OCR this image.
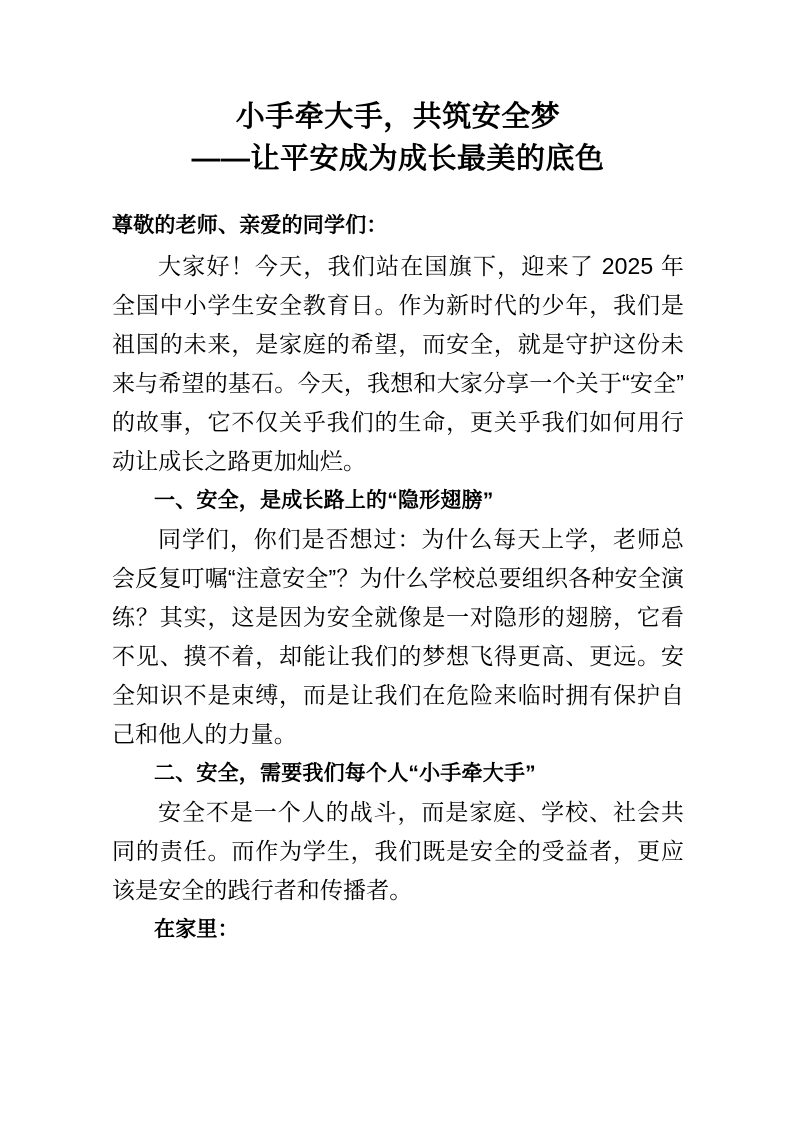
小手牵大手，共筑安全梦
——让平安成为成长最美的底色

尊敬的老师、亲爱的同学们：

大家好！今天，我们站在国旗下，迎来了 2025 年全国中小学生安全教育日。作为新时代的少年，我们是祖国的未来，是家庭的希望，而安全，就是守护这份未来与希望的基石。今天，我想和大家分享一个关于“安全”的故事，它不仅关乎我们的生命，更关乎我们如何用行动让成长之路更加灿烂。

一、安全，是成长路上的“隐形翅膀”

同学们，你们是否想过：为什么每天上学，老师总会反复叮嘱“注意安全”？为什么学校总要组织各种安全演练？其实，这是因为安全就像是一对隐形的翅膀，它看不见、摸不着，却能让我们的梦想飞得更高、更远。安全知识不是束缚，而是让我们在危险来临时拥有保护自己和他人的力量。

二、安全，需要我们每个人“小手牵大手”

安全不是一个人的战斗，而是家庭、学校、社会共同的责任。而作为学生，我们既是安全的受益者，更应该是安全的践行者和传播者。

在家里：
